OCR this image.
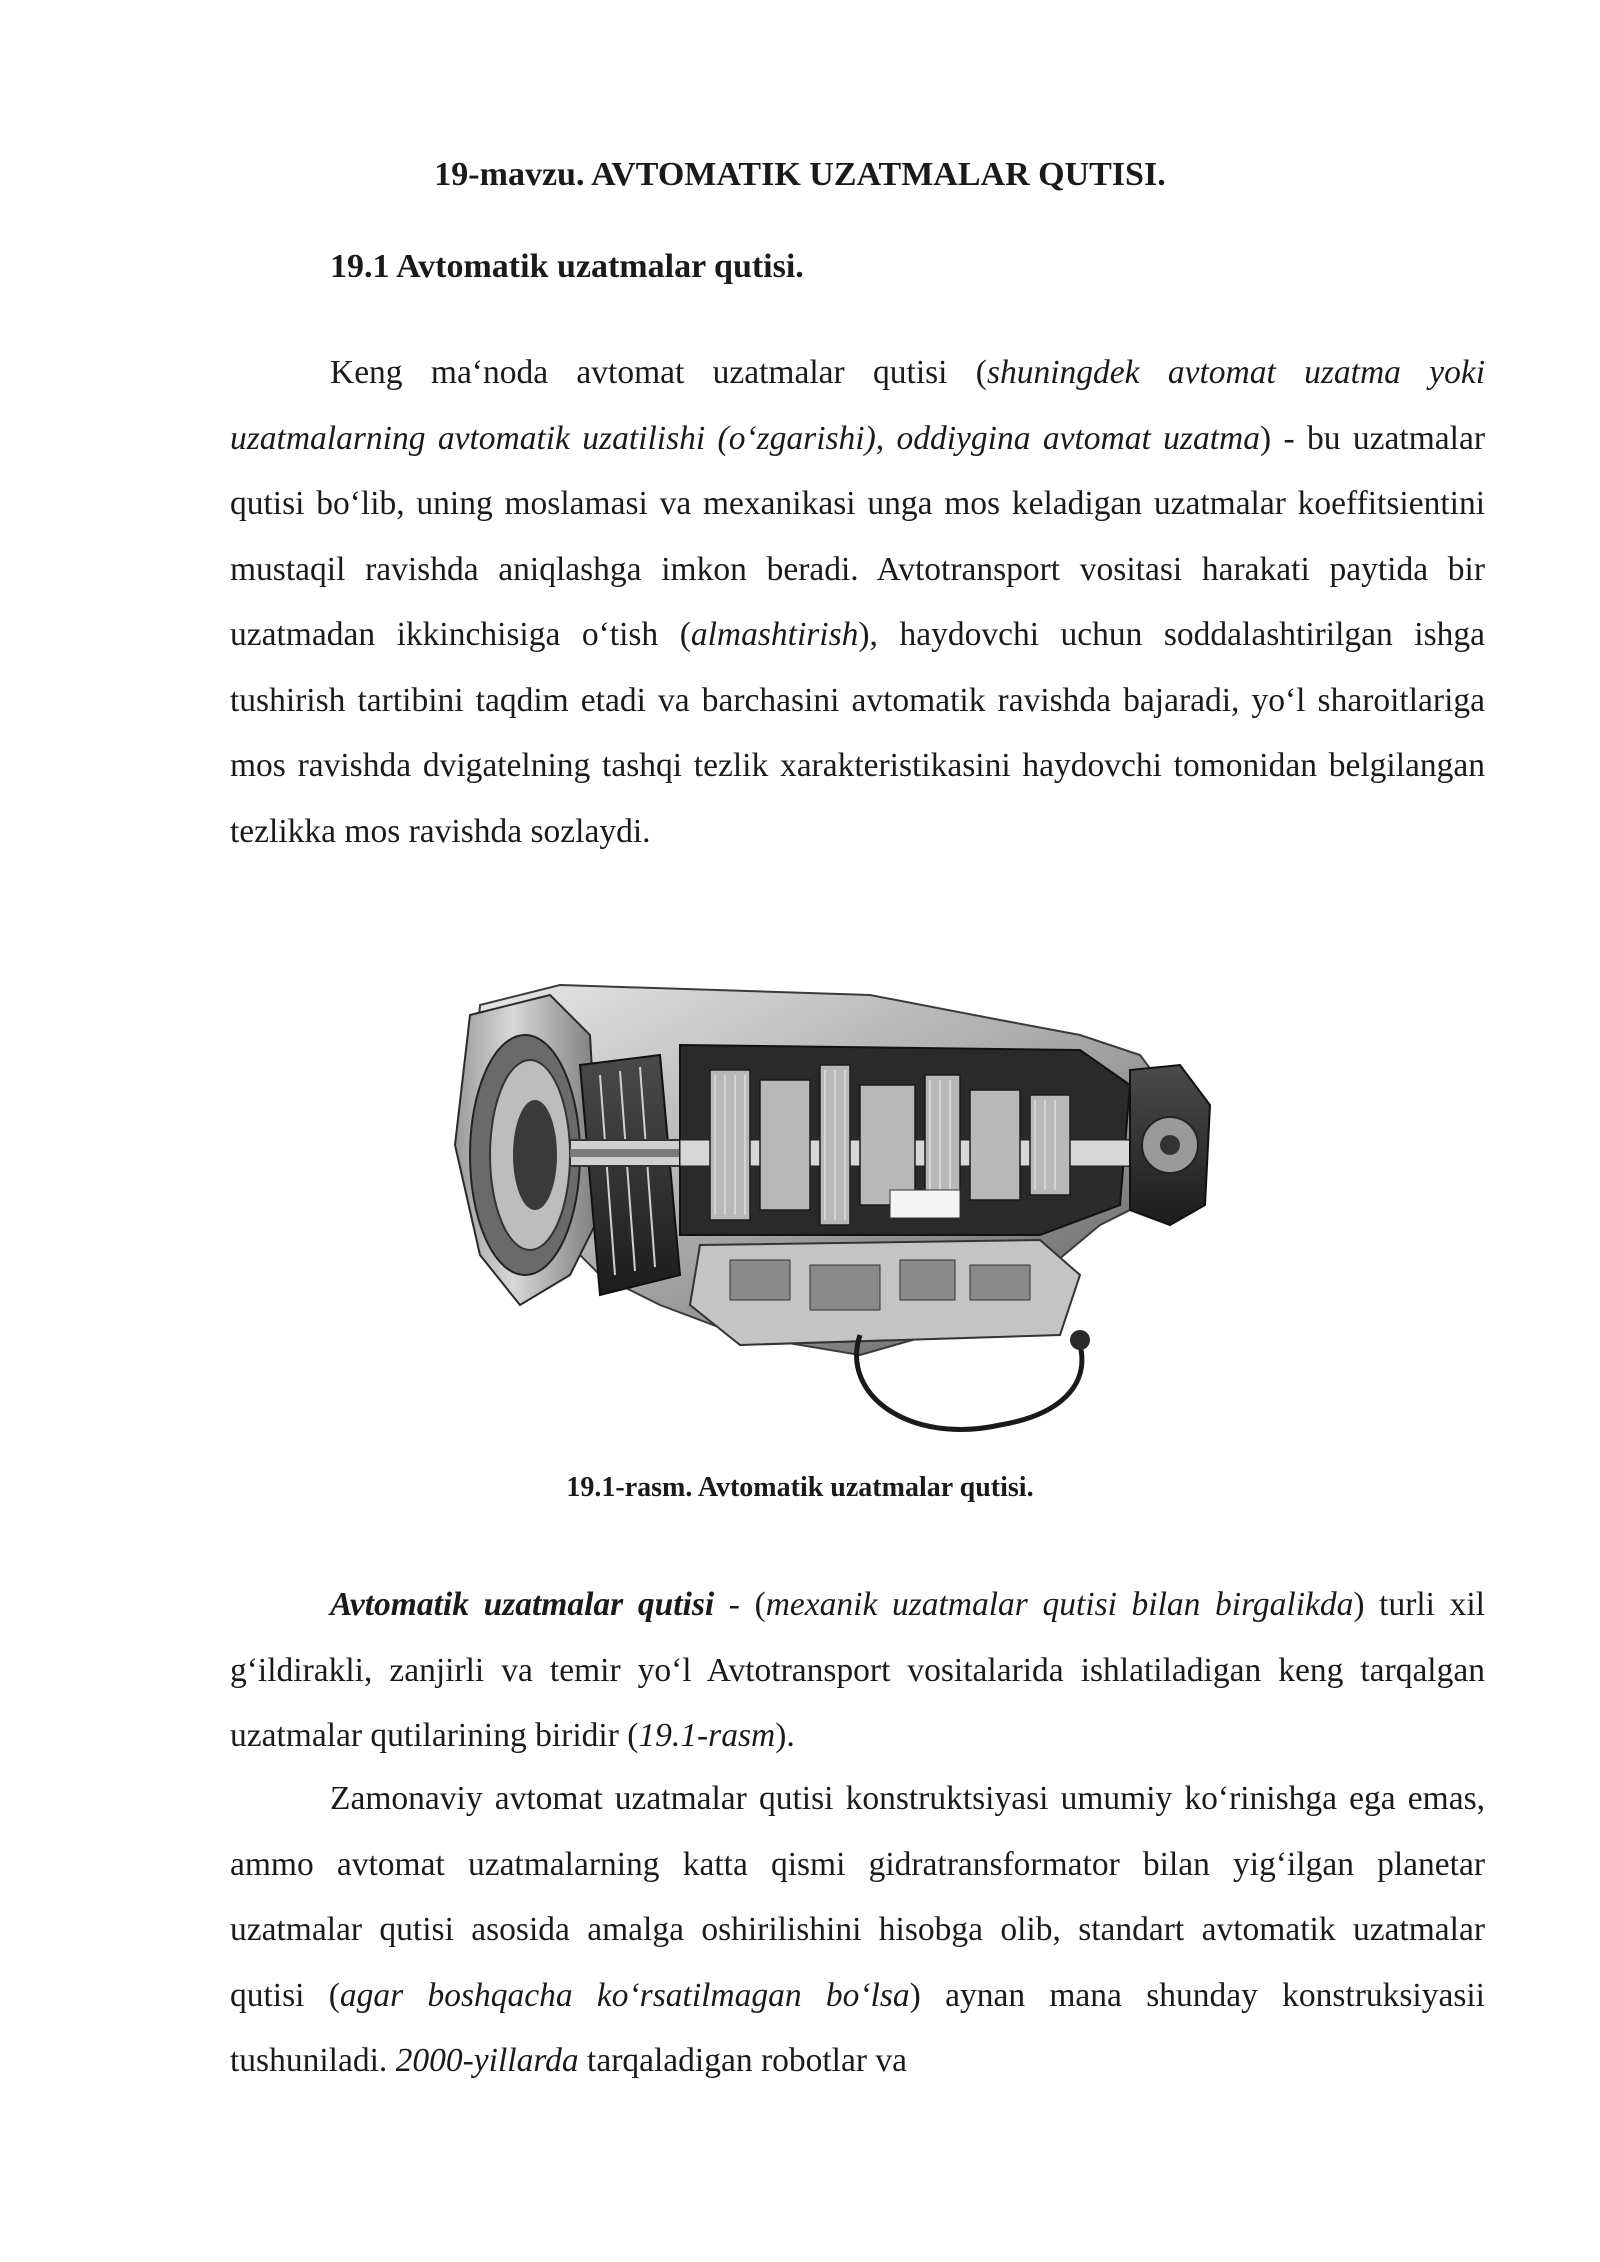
19-mavzu. AVTOMATIK UZATMALAR QUTISI.
19.1 Avtomatik uzatmalar qutisi.

Keng maʻnoda avtomat uzatmalar qutisi (shuningdek avtomat uzatma yoki uzatmalarning avtomatik uzatilishi (oʻzgarishi), oddiygina avtomat uzatma) - bu uzatmalar qutisi boʻlib, uning moslamasi va mexanikasi unga mos keladigan uzatmalar koeffitsientini mustaqil ravishda aniqlashga imkon beradi. Avtotransport vositasi harakati paytida bir uzatmadan ikkinchisiga oʻtish (almashtirish), haydovchi uchun soddalashtirilgan ishga tushirish tartibini taqdim etadi va barchasini avtomatik ravishda bajaradi, yoʻl sharoitlariga mos ravishda dvigatelning tashqi tezlik xarakteristikasini haydovchi tomonidan belgilangan tezlikka mos ravishda sozlaydi.

19.1-rasm. Avtomatik uzatmalar qutisi.

Avtomatik uzatmalar qutisi - (mexanik uzatmalar qutisi bilan birgalikda) turli xil gʻildirakli, zanjirli va temir yoʻl Avtotransport vositalarida ishlatiladigan keng tarqalgan uzatmalar qutilarining biridir (19.1-rasm).

Zamonaviy avtomat uzatmalar qutisi konstruktsiyasi umumiy koʻrinishga ega emas, ammo avtomat uzatmalarning katta qismi gidratransformator bilan yigʻilgan planetar uzatmalar qutisi asosida amalga oshirilishini hisobga olib, standart avtomatik uzatmalar qutisi (agar boshqacha koʻrsatilmagan boʻlsa) aynan mana shunday konstruksiyasii tushuniladi. 2000-yillarda tarqaladigan robotlar va
